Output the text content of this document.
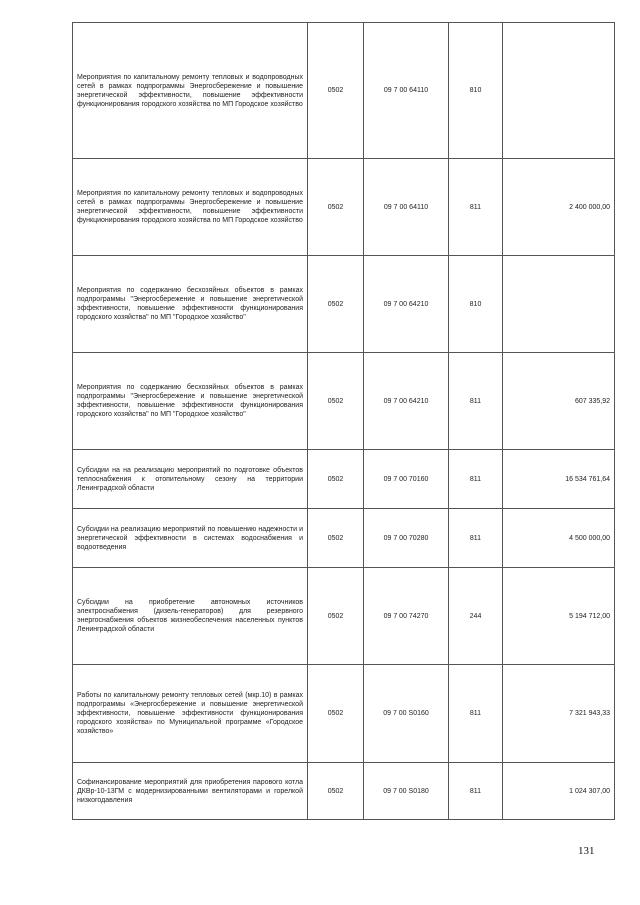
Мероприятия по капитальному ремонту тепловых и водопроводных сетей в рамках подпрограммы Энергосбережение и повышение энергетической эффективности, повышение эффективности функционирования городского хозяйства по МП Городское хозяйство	0502	09 7 00 64110	810	
Мероприятия по капитальному ремонту тепловых и водопроводных сетей в рамках подпрограммы Энергосбережение и повышение энергетической эффективности, повышение эффективности функционирования городского хозяйства по МП Городское хозяйство	0502	09 7 00 64110	811	2 400 000,00
Мероприятия по содержанию бесхозяйных объектов в рамках подпрограммы "Энергосбережение и повышение энергетической эффективности, повышение эффективности функционирования городского хозяйства" по МП "Городское хозяйство"	0502	09 7 00 64210	810	
Мероприятия по содержанию бесхозяйных объектов в рамках подпрограммы "Энергосбережение и повышение энергетической эффективности, повышение эффективности функционирования городского хозяйства" по МП "Городское хозяйство"	0502	09 7 00 64210	811	607 335,92
Субсидии на на реализацию мероприятий по подготовке объектов теплоснабжения к отопительному сезону на территории Ленинградской области	0502	09 7 00 70160	811	16 534 761,64
Субсидии на реализацию мероприятий по повышению надежности и энергетической эффективности в системах водоснабжения и водоотведения	0502	09 7 00 70280	811	4 500 000,00
Субсидии на приобретение автономных источников электроснабжения (дизель-генераторов) для резервного энергоснабжения объектов жизнеобеспечения населенных пунктов Ленинградской области	0502	09 7 00 74270	244	5 194 712,00
Работы по капитальному ремонту тепловых сетей (мкр.10) в рамках подпрограммы «Энергосбережение и повышение энергетической эффективности, повышение эффективности функционирования городского хозяйства» по Муниципальной программе «Городское хозяйство»	0502	09 7 00 S0160	811	7 321 943,33
Софинансирование мероприятий для приобретения парового котла ДКВр-10-13ГМ с модернизированными вентиляторами и горелкой низкогодавления	0502	09 7 00 S0180	811	1 024 307,00
131
